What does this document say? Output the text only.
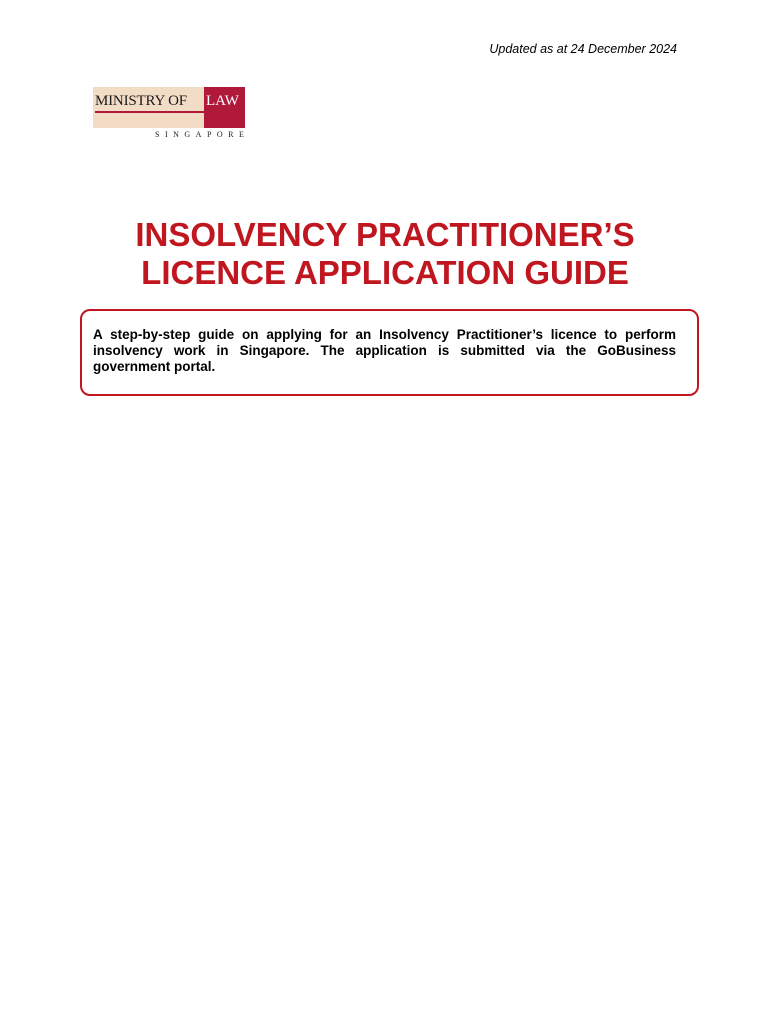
Updated as at 24 December 2024
MINISTRY OF LAW
SINGAPORE
INSOLVENCY PRACTITIONER’S
LICENCE APPLICATION GUIDE

A step-by-step guide on applying for an Insolvency Practitioner’s licence to perform insolvency work in Singapore. The application is submitted via the GoBusiness government portal.
